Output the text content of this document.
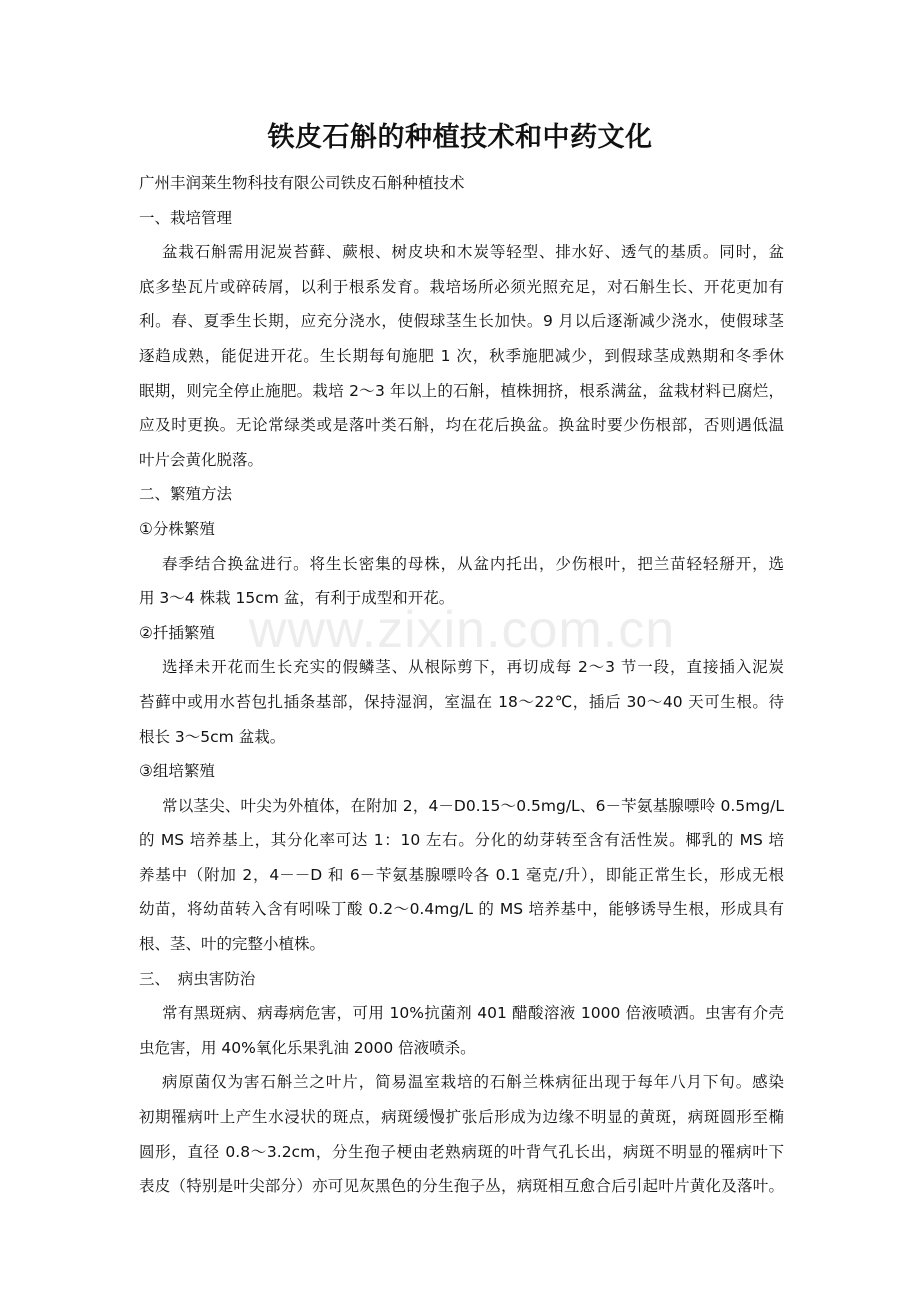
www.zixin.com.cn
铁皮石斛的种植技术和中药文化
广州丰润莱生物科技有限公司铁皮石斛种植技术
一、栽培管理
盆栽石斛需用泥炭苔藓、蕨根、树皮块和木炭等轻型、排水好、透气的基质。同时，盆
底多垫瓦片或碎砖屑，以利于根系发育。栽培场所必须光照充足，对石斛生长、开花更加有
利。春、夏季生长期，应充分浇水，使假球茎生长加快。9 月以后逐渐减少浇水，使假球茎
逐趋成熟，能促进开花。生长期每旬施肥 1 次，秋季施肥减少，到假球茎成熟期和冬季休
眠期，则完全停止施肥。栽培 2～3 年以上的石斛，植株拥挤，根系满盆，盆栽材料已腐烂，
应及时更换。无论常绿类或是落叶类石斛，均在花后换盆。换盆时要少伤根部，否则遇低温
叶片会黄化脱落。
二、繁殖方法
①分株繁殖
春季结合换盆进行。将生长密集的母株，从盆内托出，少伤根叶，把兰苗轻轻掰开，选
用 3～4 株栽 15cm 盆，有利于成型和开花。
②扦插繁殖
选择未开花而生长充实的假鳞茎、从根际剪下，再切成每 2～3 节一段，直接插入泥炭
苔藓中或用水苔包扎插条基部，保持湿润，室温在 18～22℃，插后 30～40 天可生根。待
根长 3～5cm 盆栽。
③组培繁殖
常以茎尖、叶尖为外植体，在附加 2，4－D0.15～0.5mg/L、6－苄氨基腺嘌呤 0.5mg/L
的 MS 培养基上，其分化率可达 1：10 左右。分化的幼芽转至含有活性炭。椰乳的 MS 培
养基中（附加 2，4－－D 和 6－苄氨基腺嘌呤各 0.1 毫克/升），即能正常生长，形成无根
幼苗，将幼苗转入含有吲哚丁酸 0.2～0.4mg/L 的 MS 培养基中，能够诱导生根，形成具有
根、茎、叶的完整小植株。
三、　病虫害防治
常有黑斑病、病毒病危害，可用 10%抗菌剂 401 醋酸溶液 1000 倍液喷洒。虫害有介壳
虫危害，用 40%氧化乐果乳油 2000 倍液喷杀。
病原菌仅为害石斛兰之叶片，简易温室栽培的石斛兰株病征出现于每年八月下旬。感染
初期罹病叶上产生水浸状的斑点，病斑缓慢扩张后形成为边缘不明显的黄斑，病斑圆形至椭
圆形，直径 0.8～3.2cm，分生孢子梗由老熟病斑的叶背气孔长出，病斑不明显的罹病叶下
表皮（特别是叶尖部分）亦可见灰黑色的分生孢子丛，病斑相互愈合后引起叶片黄化及落叶。
